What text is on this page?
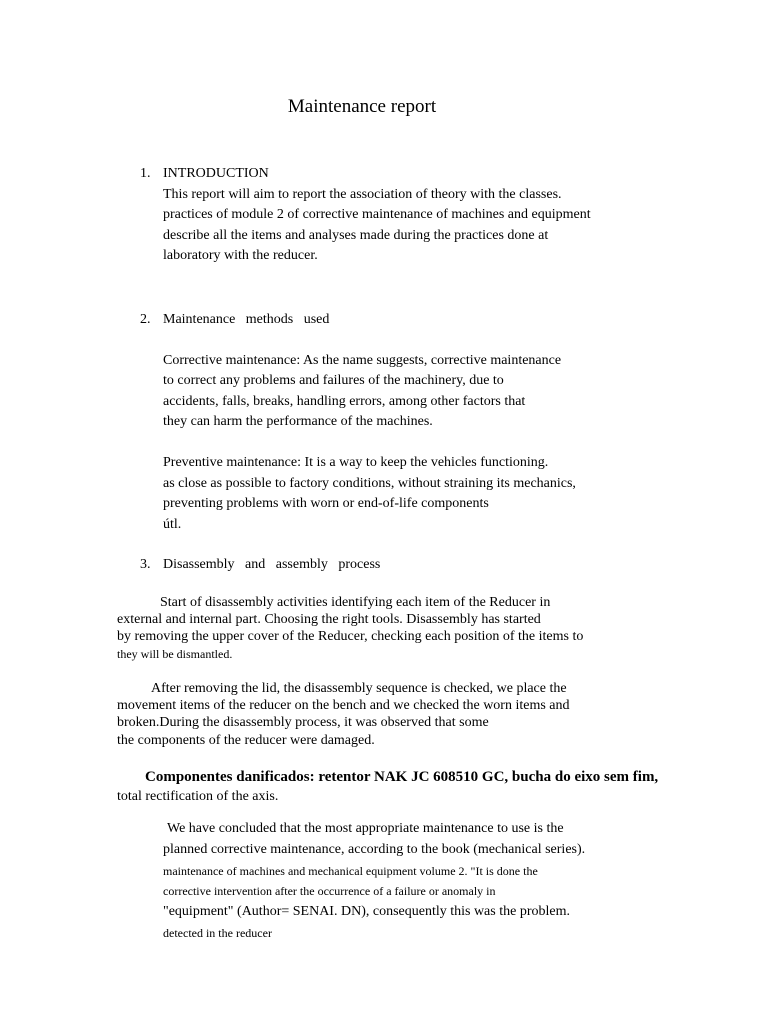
Maintenance report
1. INTRODUCTION
This report will aim to report the association of theory with the classes.
practices of module 2 of corrective maintenance of machines and equipment
describe all the items and analyses made during the practices done at
laboratory with the reducer.
2. Maintenance   methods   used
Corrective maintenance: As the name suggests, corrective maintenance
to correct any problems and failures of the machinery, due to
accidents, falls, breaks, handling errors, among other factors that
they can harm the performance of the machines.
Preventive maintenance: It is a way to keep the vehicles functioning.
as close as possible to factory conditions, without straining its mechanics,
preventing problems with worn or end-of-life components
útl.
3. Disassembly   and   assembly   process
Start of disassembly activities identifying each item of the Reducer in
external and internal part. Choosing the right tools. Disassembly has started
by removing the upper cover of the Reducer, checking each position of the items to
they will be dismantled.
After removing the lid, the disassembly sequence is checked, we place the
movement items of the reducer on the bench and we checked the worn items and
broken.During the disassembly process, it was observed that some
the components of the reducer were damaged.
Componentes danificados: retentor NAK JC 608510 GC, bucha do eixo sem fim,
total rectification of the axis.
We have concluded that the most appropriate maintenance to use is the
planned corrective maintenance, according to the book (mechanical series).
maintenance of machines and mechanical equipment volume 2. "It is done the
corrective intervention after the occurrence of a failure or anomaly in
"equipment" (Author= SENAI. DN), consequently this was the problem.
detected in the reducer
